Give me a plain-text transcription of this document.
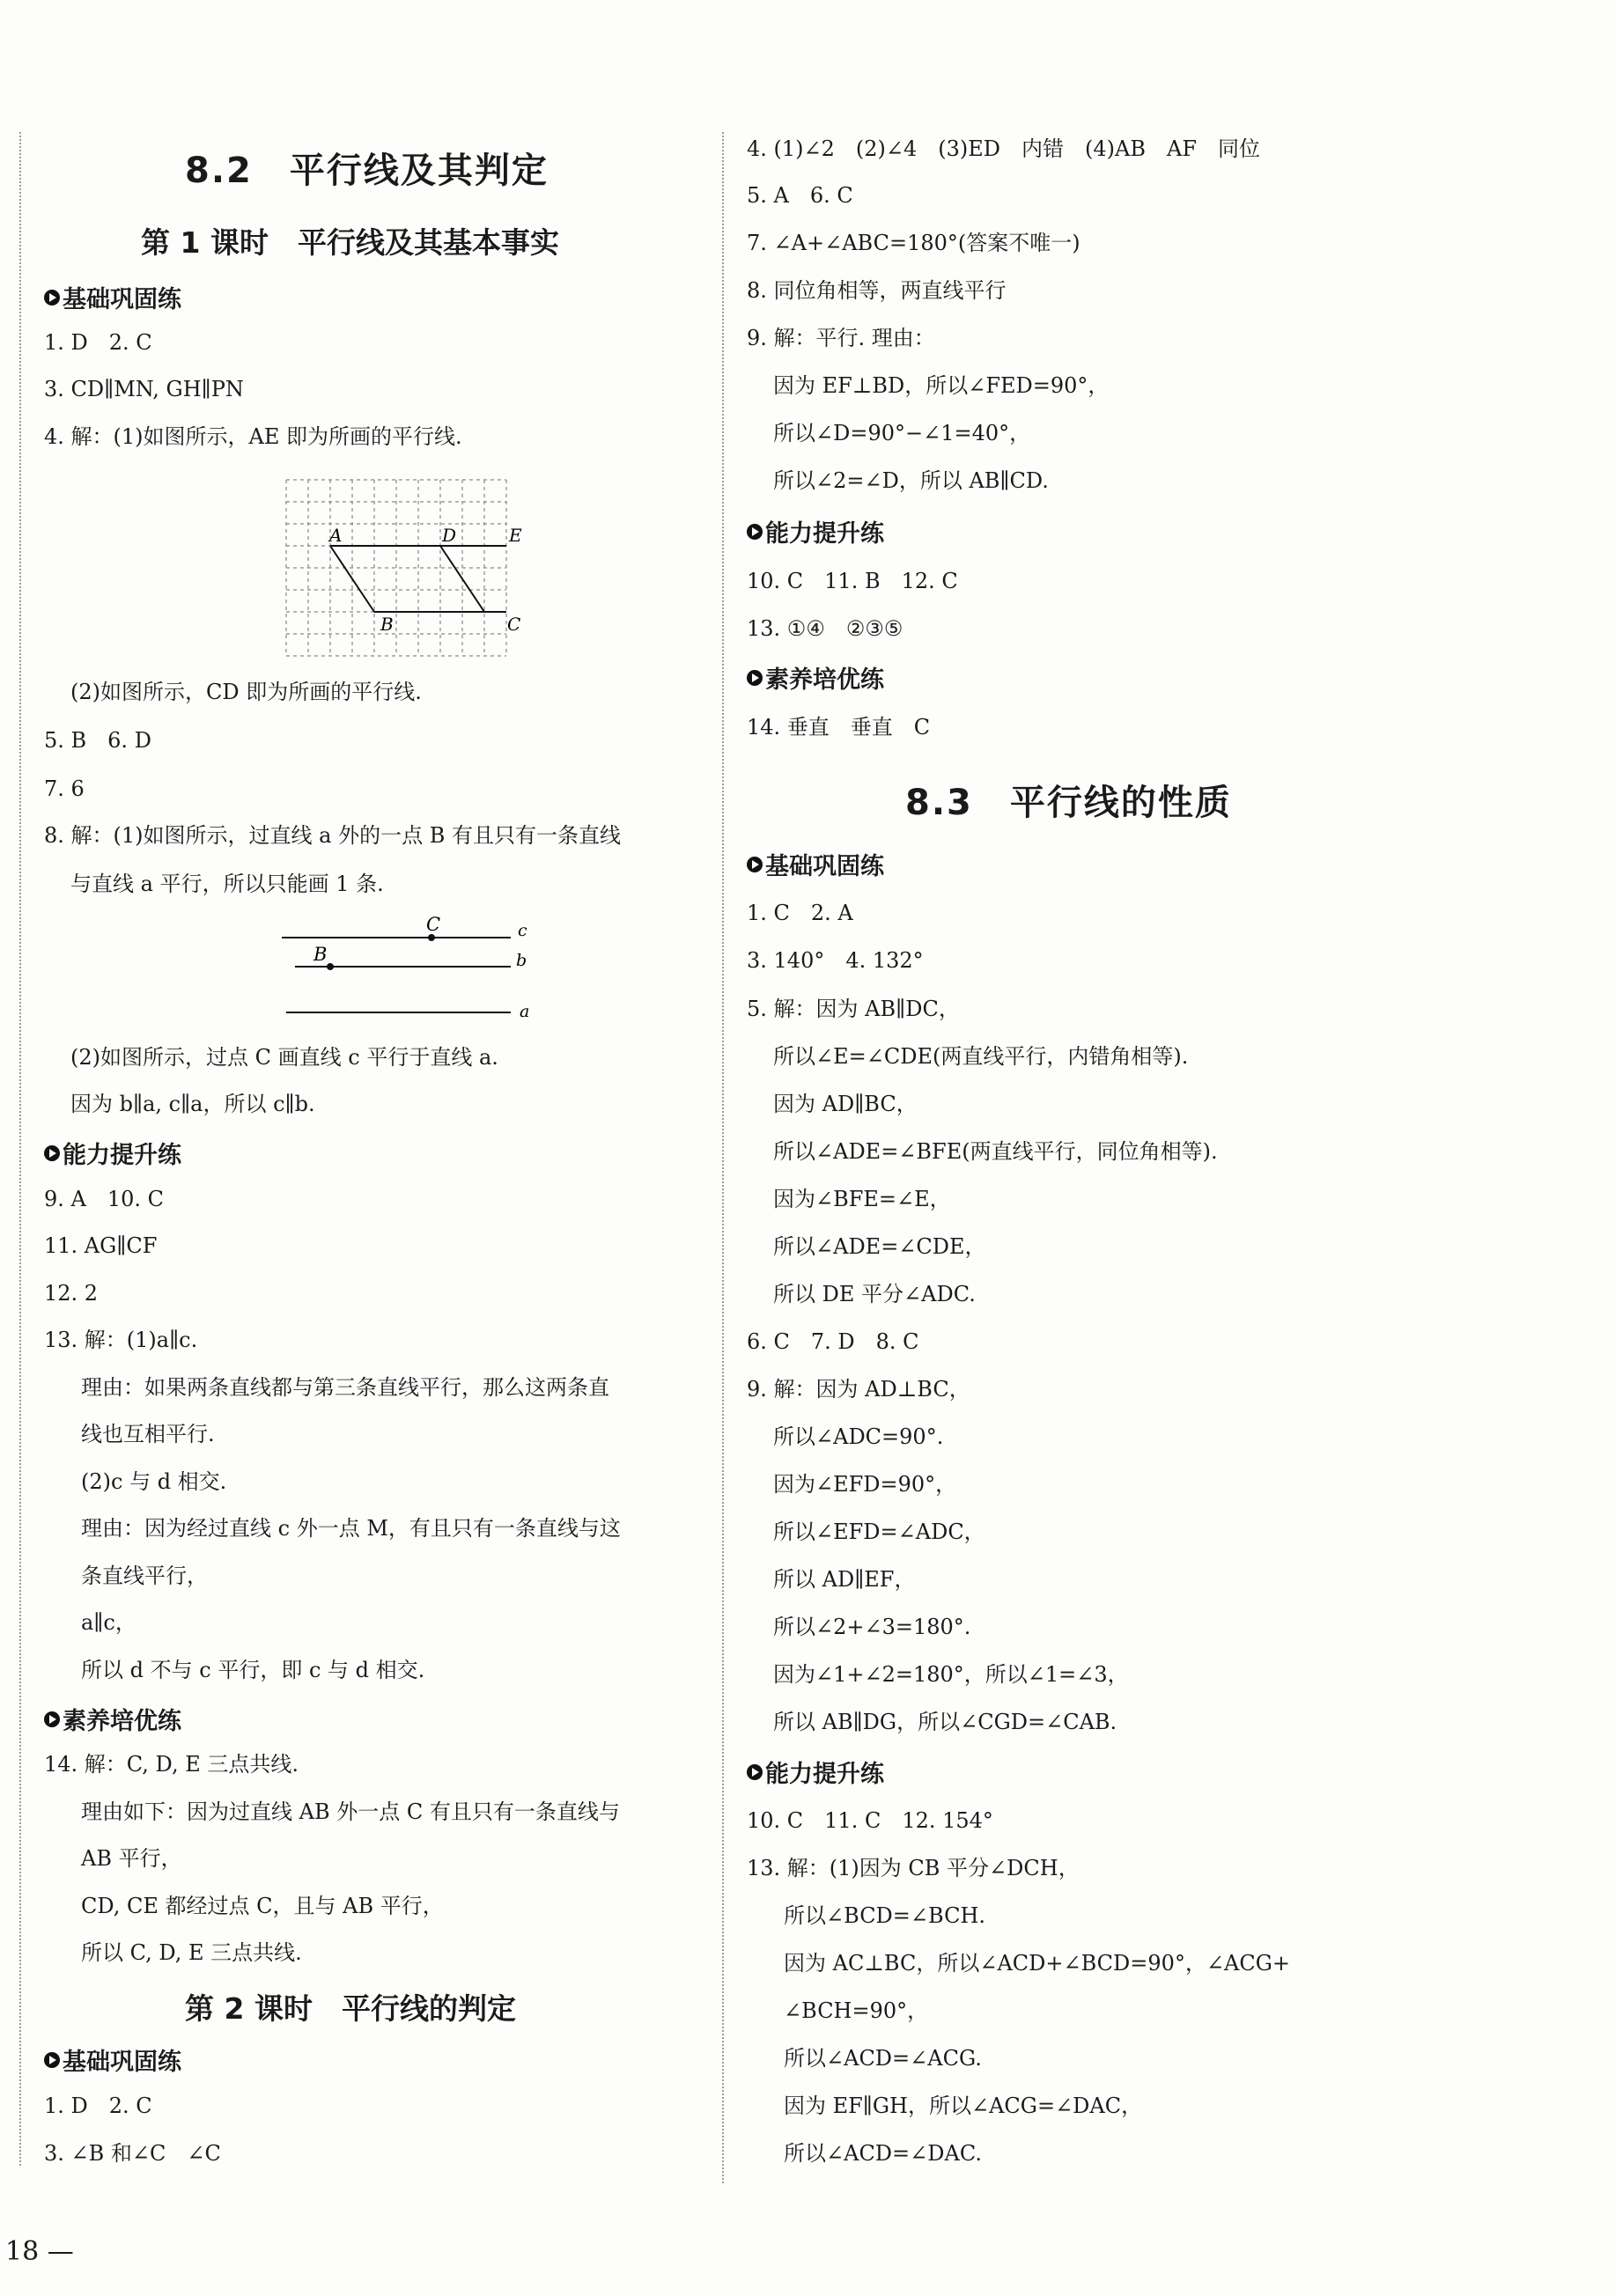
8.2　平行线及其判定
第 1 课时　平行线及其基本事实
基础巩固练
1. D　2. C
3. CD∥MN, GH∥PN
4. 解：(1)如图所示，AE 即为所画的平行线.
A	D	E
B	C
(2)如图所示，CD 即为所画的平行线.
5. B　6. D
7. 6
8. 解：(1)如图所示，过直线 a 外的一点 B 有且只有一条直线
与直线 a 平行，所以只能画 1 条.
C	c
B	b
a
(2)如图所示，过点 C 画直线 c 平行于直线 a.
因为 b∥a, c∥a，所以 c∥b.
能力提升练
9. A　10. C
11. AG∥CF
12. 2
13. 解：(1)a∥c.
理由：如果两条直线都与第三条直线平行，那么这两条直
线也互相平行.
(2)c 与 d 相交.
理由：因为经过直线 c 外一点 M，有且只有一条直线与这
条直线平行，
a∥c，
所以 d 不与 c 平行，即 c 与 d 相交.
素养培优练
14. 解：C, D, E 三点共线.
理由如下：因为过直线 AB 外一点 C 有且只有一条直线与
AB 平行，
CD, CE 都经过点 C，且与 AB 平行，
所以 C, D, E 三点共线.
第 2 课时　平行线的判定
基础巩固练
1. D　2. C
3. ∠B 和∠C　∠C
4. (1)∠2　(2)∠4　(3)ED　内错　(4)AB　AF　同位
5. A　6. C
7. ∠A+∠ABC=180°(答案不唯一)
8. 同位角相等，两直线平行
9. 解：平行. 理由：
因为 EF⊥BD，所以∠FED=90°，
所以∠D=90°−∠1=40°，
所以∠2=∠D，所以 AB∥CD.
能力提升练
10. C　11. B　12. C
13. ①④　②③⑤
素养培优练
14. 垂直　垂直　C
8.3　平行线的性质
基础巩固练
1. C　2. A
3. 140°　4. 132°
5. 解：因为 AB∥DC，
所以∠E=∠CDE(两直线平行，内错角相等).
因为 AD∥BC，
所以∠ADE=∠BFE(两直线平行，同位角相等).
因为∠BFE=∠E，
所以∠ADE=∠CDE，
所以 DE 平分∠ADC.
6. C　7. D　8. C
9. 解：因为 AD⊥BC，
所以∠ADC=90°.
因为∠EFD=90°，
所以∠EFD=∠ADC，
所以 AD∥EF，
所以∠2+∠3=180°.
因为∠1+∠2=180°，所以∠1=∠3，
所以 AB∥DG，所以∠CGD=∠CAB.
能力提升练
10. C　11. C　12. 154°
13. 解：(1)因为 CB 平分∠DCH，
所以∠BCD=∠BCH.
因为 AC⊥BC，所以∠ACD+∠BCD=90°，∠ACG+
∠BCH=90°，
所以∠ACD=∠ACG.
因为 EF∥GH，所以∠ACG=∠DAC，
所以∠ACD=∠DAC.
18 —
